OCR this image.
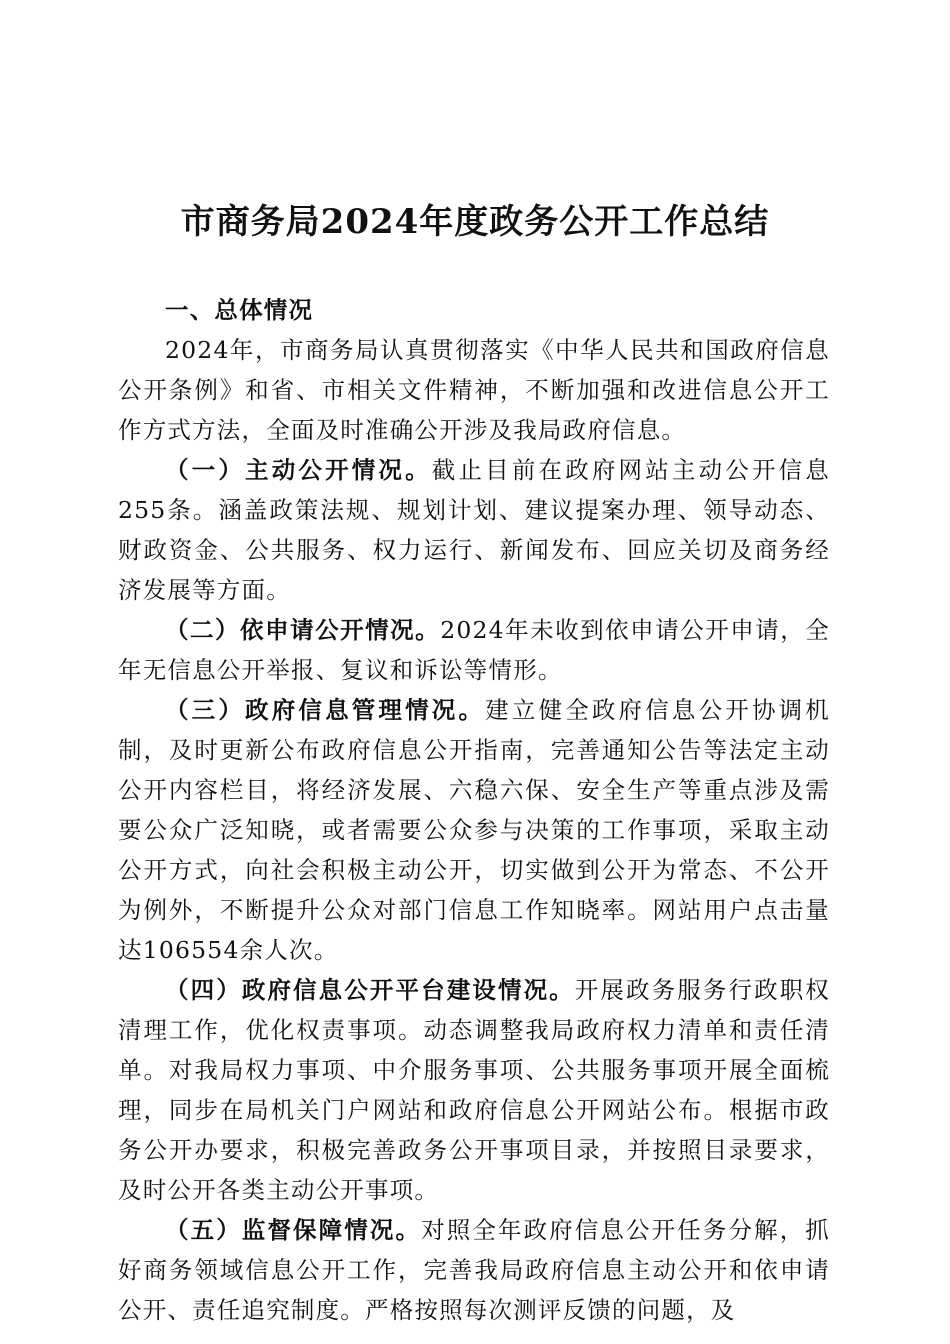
市商务局2024年度政务公开工作总结

一、总体情况

2024年，市商务局认真贯彻落实《中华人民共和国政府信息公开条例》和省、市相关文件精神，不断加强和改进信息公开工作方式方法，全面及时准确公开涉及我局政府信息。

（一）主动公开情况。截止目前在政府网站主动公开信息255条。涵盖政策法规、规划计划、建议提案办理、领导动态、财政资金、公共服务、权力运行、新闻发布、回应关切及商务经济发展等方面。

（二）依申请公开情况。2024年未收到依申请公开申请，全年无信息公开举报、复议和诉讼等情形。

（三）政府信息管理情况。建立健全政府信息公开协调机制，及时更新公布政府信息公开指南，完善通知公告等法定主动公开内容栏目，将经济发展、六稳六保、安全生产等重点涉及需要公众广泛知晓，或者需要公众参与决策的工作事项，采取主动公开方式，向社会积极主动公开，切实做到公开为常态、不公开为例外，不断提升公众对部门信息工作知晓率。网站用户点击量达106554余人次。

（四）政府信息公开平台建设情况。开展政务服务行政职权清理工作，优化权责事项。动态调整我局政府权力清单和责任清单。对我局权力事项、中介服务事项、公共服务事项开展全面梳理，同步在局机关门户网站和政府信息公开网站公布。根据市政务公开办要求，积极完善政务公开事项目录，并按照目录要求，及时公开各类主动公开事项。

（五）监督保障情况。对照全年政府信息公开任务分解，抓好商务领域信息公开工作，完善我局政府信息主动公开和依申请公开、责任追究制度。严格按照每次测评反馈的问题，及
